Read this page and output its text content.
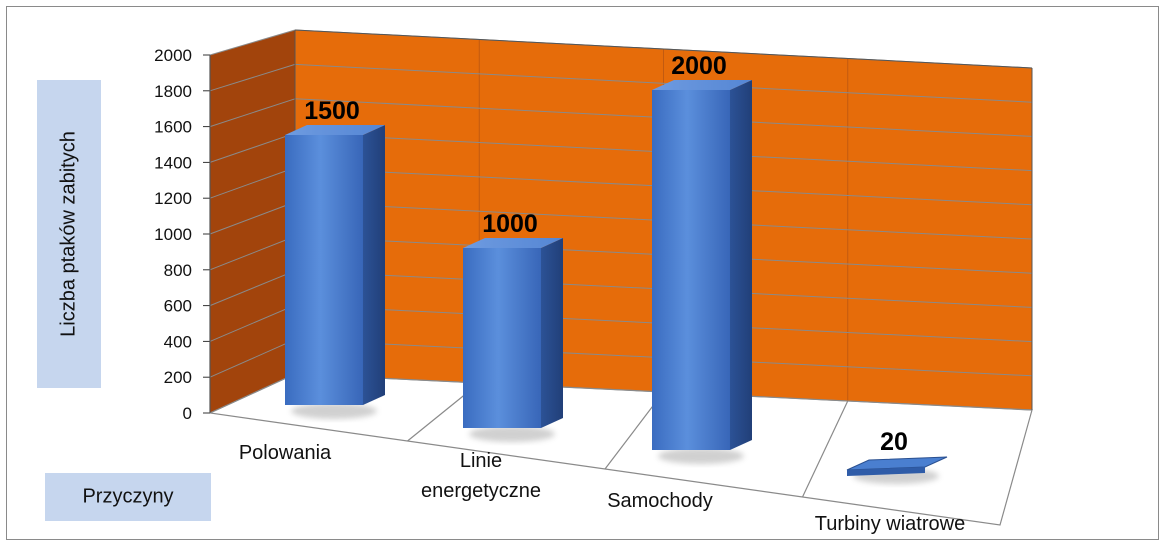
0
200
400
600
800
1000
1200
1400
1600
1800
2000
1500
1000
2000
20
Polowania	Linie energetyczne	Samochody
Turbiny wiatrowe
Liczba ptaków zabitych
Przyczyny
